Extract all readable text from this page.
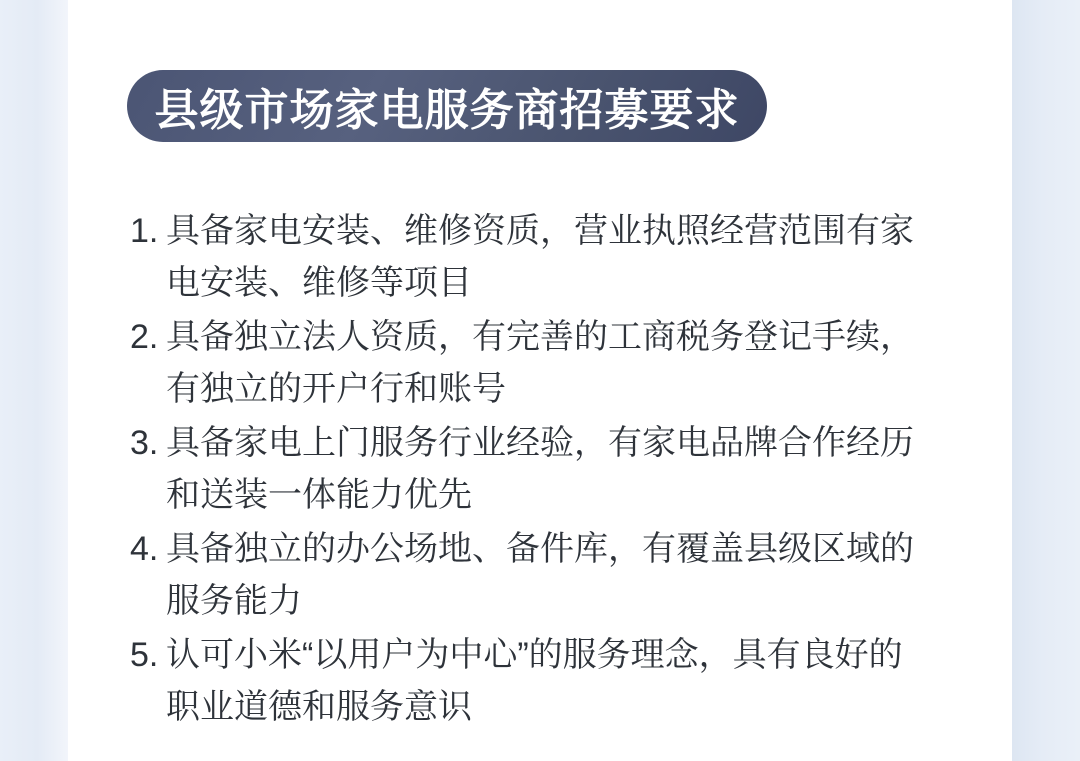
县级市场家电服务商招募要求
1. 具备家电安装、维修资质，营业执照经营范围有家
电安装、维修等项目
2. 具备独立法人资质，有完善的工商税务登记手续，
有独立的开户行和账号
3. 具备家电上门服务行业经验，有家电品牌合作经历
和送装一体能力优先
4. 具备独立的办公场地、备件库，有覆盖县级区域的
服务能力
5. 认可小米“以用户为中心”的服务理念，具有良好的
职业道德和服务意识
